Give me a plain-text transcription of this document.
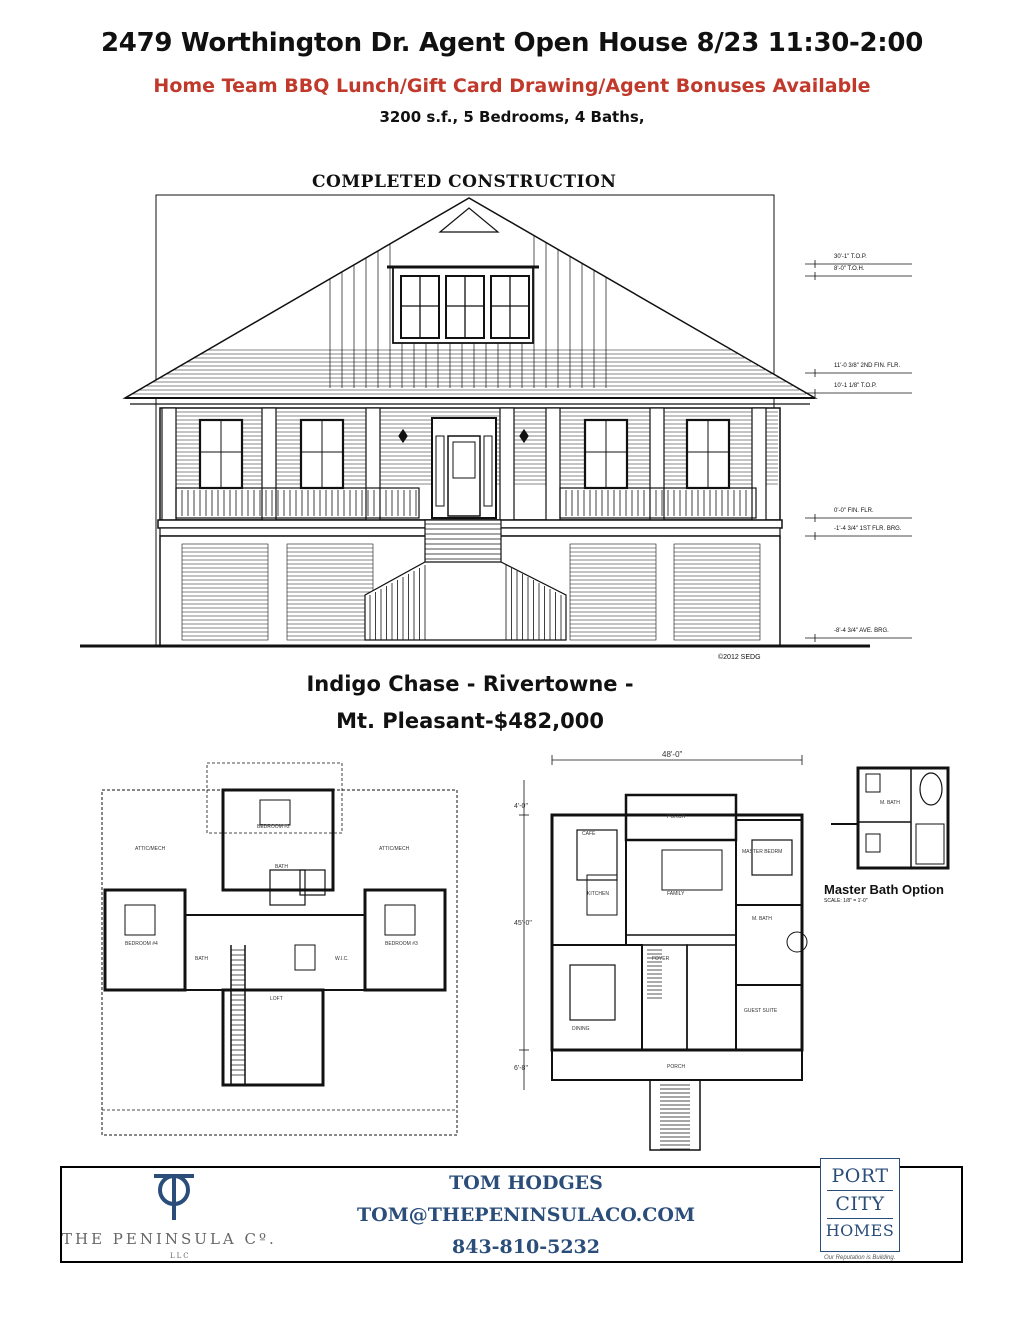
2479 Worthington Dr. Agent Open House 8/23 11:30-2:00
Home Team BBQ Lunch/Gift Card Drawing/Agent Bonuses Available
3200 s.f., 5 Bedrooms, 4 Baths,
COMPLETED CONSTRUCTION
©2012 SEDG
Indigo Chase - Rivertowne -
Mt. Pleasant-$482,000
BEDROOM #2
ATTIC/MECH	ATTIC/MECH
BEDROOM #4	BEDROOM #3
LOFT
BATH
W.I.C.
BATH
48'-0"
4'-0"
45'-0"
6'-8"
PORCH
MASTER BEDRM
CAFE
FAMILY
KITCHEN
M. BATH
FOYER
DINING
GUEST SUITE
PORCH
M. BATH
Master Bath Option
SCALE: 1/8" = 1'-0"
THE PENINSULA Cº.
LLC
TOM HODGES
TOM@THEPENINSULACO.COM
843-810-5232
PORT
CITY
HOMES
Our Reputation is Building.
30'-1" T.O.P.
8'-0" T.O.H.
11'-0 3/8" 2ND FIN. FLR.
10'-1 1/8" T.O.P.
0'-0" FIN. FLR.
-1'-4 3/4" 1ST FLR. BRG.
-8'-4 3/4" AVE. BRG.
